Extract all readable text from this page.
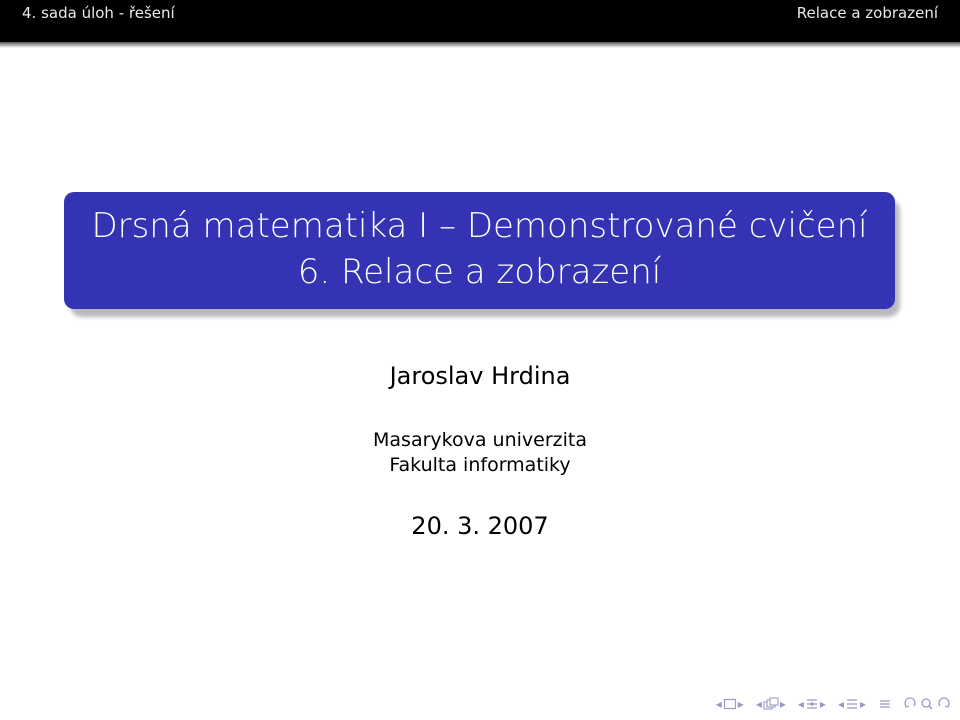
4. sada úloh - řešení	Relace a zobrazení
Drsná matematika I – Demonstrované cvičení
6. Relace a zobrazení
Jaroslav Hrdina
Masarykova univerzita
Fakulta informatiky
20. 3. 2007
◂ ▸ ◂ ▸ ◂ ▸ ◂ ▸
